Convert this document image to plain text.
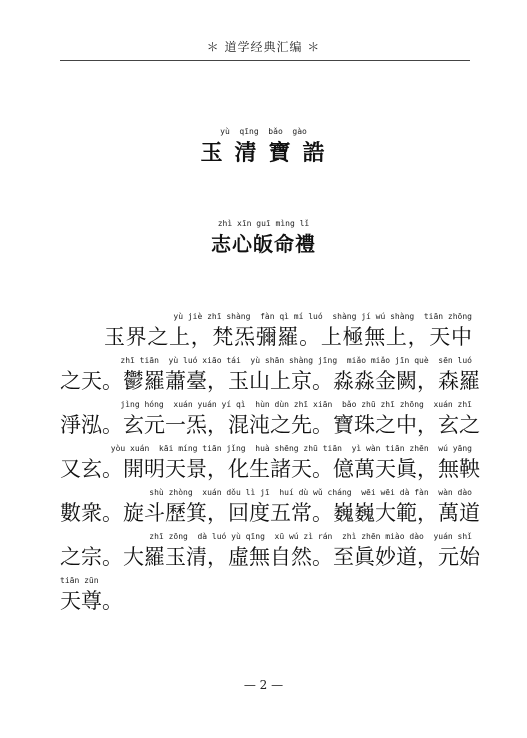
＊ 道学经典汇编 ＊
yù  qīng  bǎo  gào
玉清寶誥
zhì xīn guī mìng lǐ
志心皈命禮
yù jiè zhī shàng  fàn qì mí luó  shàng jí wú shàng  tiān zhōng
玉界之上，梵炁彌羅。上極無上，天中
zhī tiān  yù luó xiāo tái  yù shān shàng jīng  miǎo miǎo jīn què  sēn luó
之天。鬱羅蕭臺，玉山上京。淼淼金闕，森羅
jìng hóng  xuán yuán yí qì  hùn dùn zhī xiān  bǎo zhū zhī zhōng  xuán zhī
淨泓。玄元一炁，混沌之先。寶珠之中，玄之
yòu xuán  kāi míng tiān jǐng  huà shēng zhū tiān  yì wàn tiān zhēn  wú yāng
又玄。開明天景，化生諸天。億萬天眞，無鞅
shù zhòng  xuán dǒu lì jī  huí dù wǔ cháng  wēi wēi dà fàn  wàn dào
數衆。旋斗歷箕，回度五常。巍巍大範，萬道
zhī zōng  dà luó yù qīng  xū wú zì rán  zhì zhēn miào dào  yuán shǐ
之宗。大羅玉清，虛無自然。至眞妙道，元始
tiān zūn
天尊。
— 2 —
